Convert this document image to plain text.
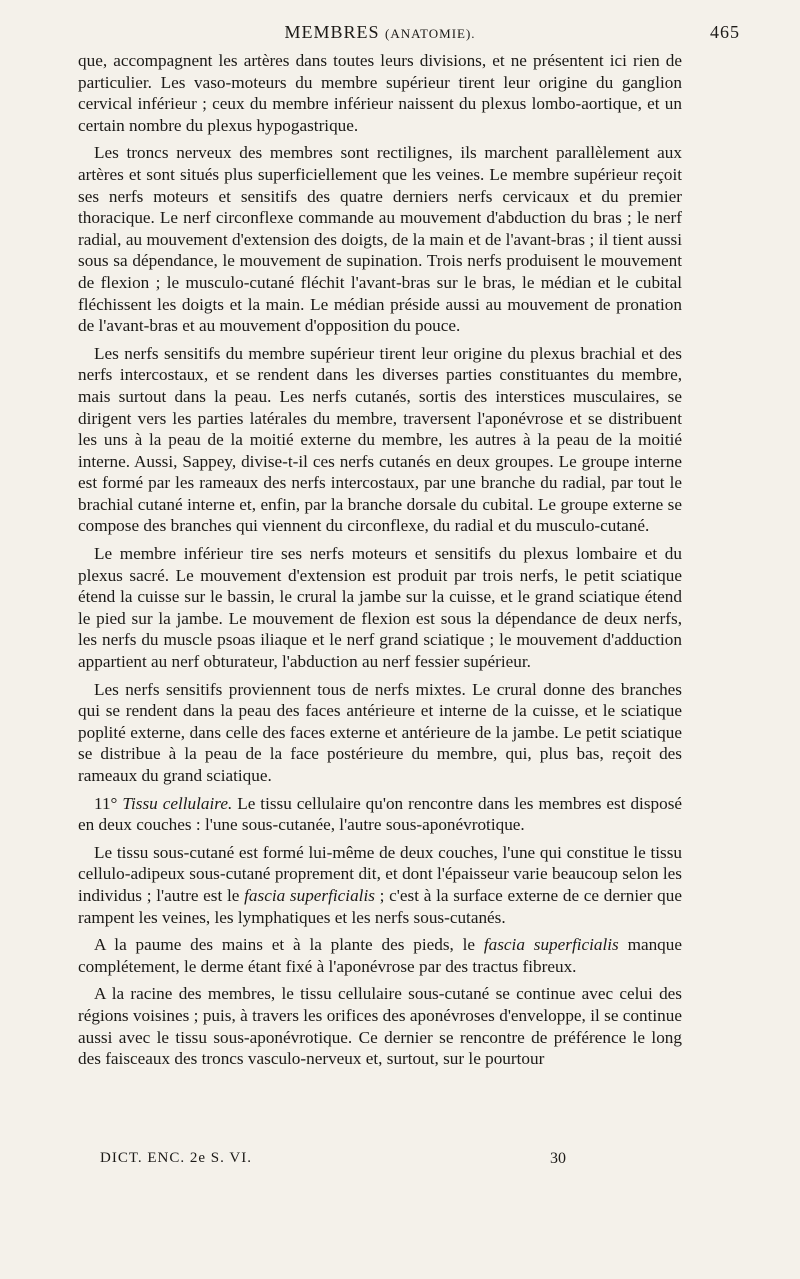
MEMBRES (ANATOMIE).	465

que, accompagnent les artères dans toutes leurs divisions, et ne présentent ici rien de particulier. Les vaso-moteurs du membre supérieur tirent leur origine du ganglion cervical inférieur ; ceux du membre inférieur naissent du plexus lombo-aortique, et un certain nombre du plexus hypogastrique.

Les troncs nerveux des membres sont rectilignes, ils marchent parallèlement aux artères et sont situés plus superficiellement que les veines. Le membre supérieur reçoit ses nerfs moteurs et sensitifs des quatre derniers nerfs cervicaux et du premier thoracique. Le nerf circonflexe commande au mouvement d'abduction du bras ; le nerf radial, au mouvement d'extension des doigts, de la main et de l'avant-bras ; il tient aussi sous sa dépendance, le mouvement de supination. Trois nerfs produisent le mouvement de flexion ; le musculo-cutané fléchit l'avant-bras sur le bras, le médian et le cubital fléchissent les doigts et la main. Le médian préside aussi au mouvement de pronation de l'avant-bras et au mouvement d'opposition du pouce.

Les nerfs sensitifs du membre supérieur tirent leur origine du plexus brachial et des nerfs intercostaux, et se rendent dans les diverses parties constituantes du membre, mais surtout dans la peau. Les nerfs cutanés, sortis des interstices musculaires, se dirigent vers les parties latérales du membre, traversent l'aponévrose et se distribuent les uns à la peau de la moitié externe du membre, les autres à la peau de la moitié interne. Aussi, Sappey, divise-t-il ces nerfs cutanés en deux groupes. Le groupe interne est formé par les rameaux des nerfs intercostaux, par une branche du radial, par tout le brachial cutané interne et, enfin, par la branche dorsale du cubital. Le groupe externe se compose des branches qui viennent du circonflexe, du radial et du musculo-cutané.

Le membre inférieur tire ses nerfs moteurs et sensitifs du plexus lombaire et du plexus sacré. Le mouvement d'extension est produit par trois nerfs, le petit sciatique étend la cuisse sur le bassin, le crural la jambe sur la cuisse, et le grand sciatique étend le pied sur la jambe. Le mouvement de flexion est sous la dépendance de deux nerfs, les nerfs du muscle psoas iliaque et le nerf grand sciatique ; le mouvement d'adduction appartient au nerf obturateur, l'abduction au nerf fessier supérieur.

Les nerfs sensitifs proviennent tous de nerfs mixtes. Le crural donne des branches qui se rendent dans la peau des faces antérieure et interne de la cuisse, et le sciatique poplité externe, dans celle des faces externe et antérieure de la jambe. Le petit sciatique se distribue à la peau de la face postérieure du membre, qui, plus bas, reçoit des rameaux du grand sciatique.

11° Tissu cellulaire. Le tissu cellulaire qu'on rencontre dans les membres est disposé en deux couches : l'une sous-cutanée, l'autre sous-aponévrotique.

Le tissu sous-cutané est formé lui-même de deux couches, l'une qui constitue le tissu cellulo-adipeux sous-cutané proprement dit, et dont l'épaisseur varie beaucoup selon les individus ; l'autre est le fascia superficialis ; c'est à la surface externe de ce dernier que rampent les veines, les lymphatiques et les nerfs sous-cutanés.

A la paume des mains et à la plante des pieds, le fascia superficialis manque complétement, le derme étant fixé à l'aponévrose par des tractus fibreux.

A la racine des membres, le tissu cellulaire sous-cutané se continue avec celui des régions voisines ; puis, à travers les orifices des aponévroses d'enveloppe, il se continue aussi avec le tissu sous-aponévrotique. Ce dernier se rencontre de préférence le long des faisceaux des troncs vasculo-nerveux et, surtout, sur le pourtour

DICT. ENC. 2e S. VI.	30
